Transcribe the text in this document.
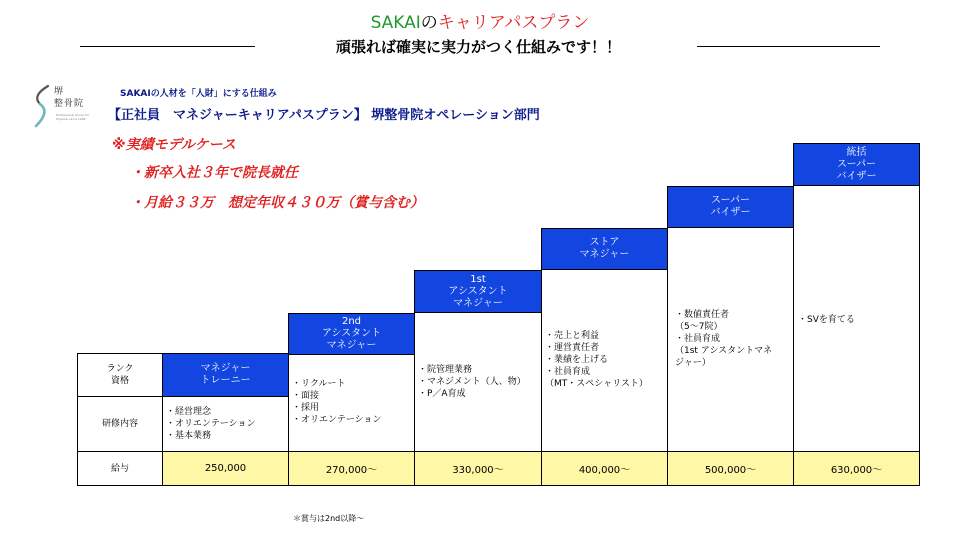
SAKAIのキャリアパスプラン
頑張れば確実に実力がつく仕組みです！！
堺
整骨院
Professional Group for Physical since 1996
SAKAIの人材を「人財」にする仕組み
【正社員　マネジャーキャリアパスプラン】 堺整骨院オペレーション部門
※実績モデルケース
・新卒入社３年で院長就任
・月給３３万　想定年収４３０万（賞与含む）
ランク
資格
研修内容
給与
マネジャー
トレーニー
・経営理念
・オリエンテーション
・基本業務
250,000
2nd
アシスタント
マネジャー
・リクルート
・面接
・採用
・オリエンテーション
270,000〜
1st
アシスタント
マネジャー
・院管理業務
・マネジメント（人、物）
・P／A育成
330,000〜
ストア
マネジャー
・売上と利益
・運営責任者
・業績を上げる
・社員育成
（MT・スペシャリスト）
400,000〜
スーパー
バイザー
・数値責任者
（5〜7院）
・社員育成
（1st アシスタントマネ
ジャー）
500,000〜
統括
スーパー
バイザー
・SVを育てる
630,000〜
＊賞与は2nd以降〜
